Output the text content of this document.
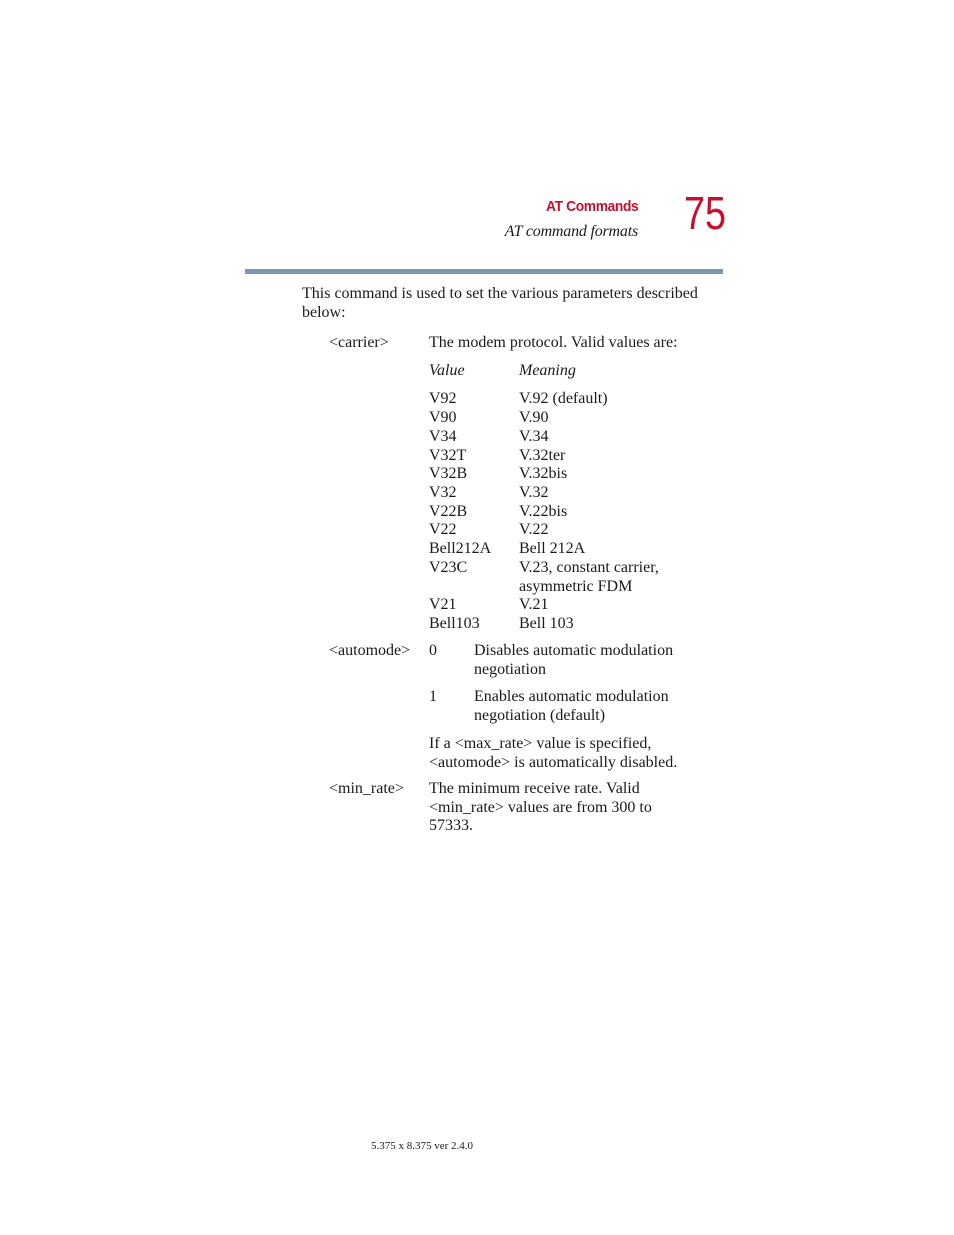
AT Commands
AT command formats 75
This command is used to set the various parameters described below:
<carrier>	The modem protocol. Valid values are:
Value	Meaning
V92	V.92 (default)
V90	V.90
V34	V.34
V32T	V.32ter
V32B	V.32bis
V32	V.32
V22B	V.22bis
V22	V.22
Bell212A Bell 212A
V23C	V.23, constant carrier, asymmetric FDM
V21	V.21
Bell103 Bell 103
<automode> 0 Disables automatic modulation negotiation
1 Enables automatic modulation negotiation (default)
If a <max_rate> value is specified, <automode> is automatically disabled.
<min_rate> The minimum receive rate. Valid <min_rate> values are from 300 to 57333.
5.375 x 8.375 ver 2.4.0
